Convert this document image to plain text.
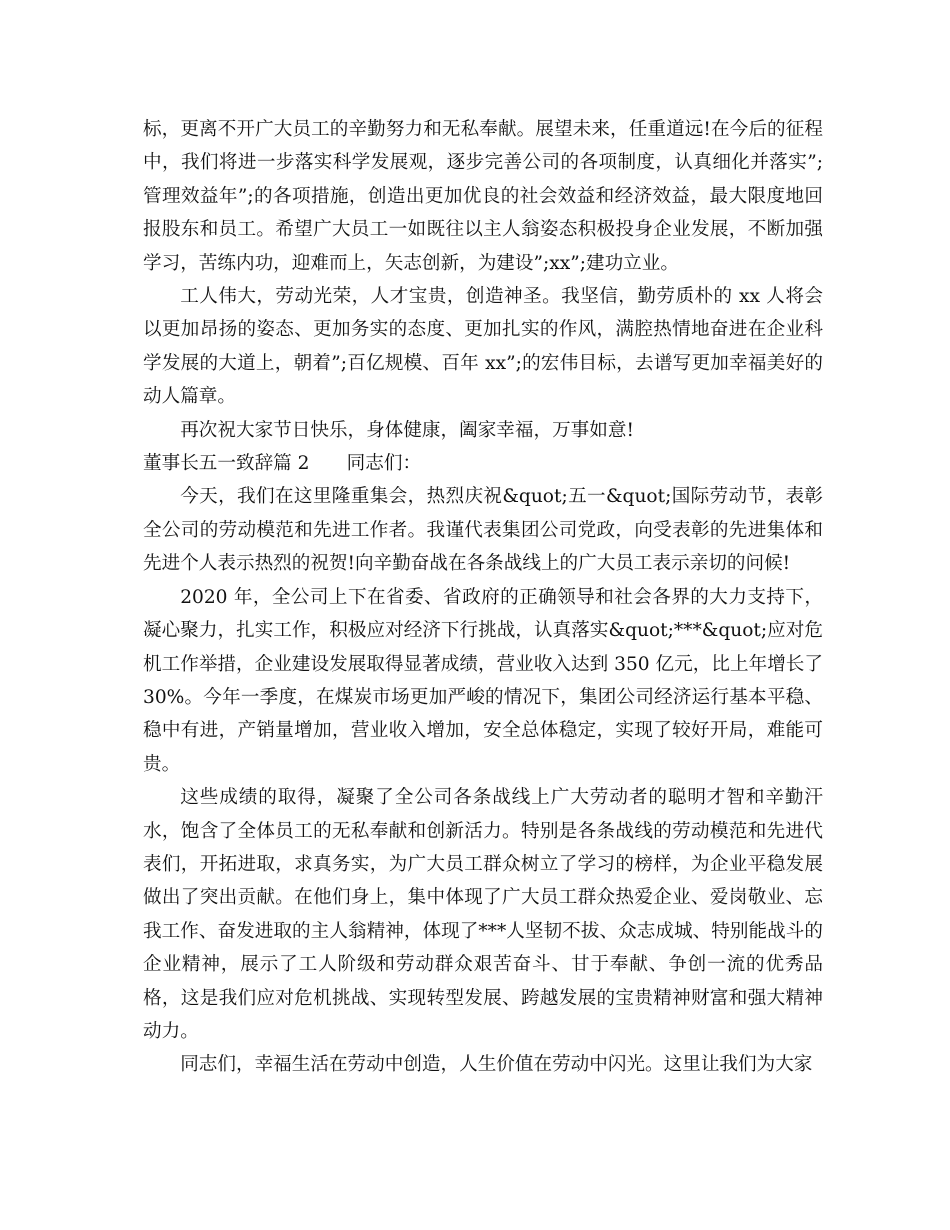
标，更离不开广大员工的辛勤努力和无私奉献。展望未来，任重道远!在今后的征程中，我们将进一步落实科学发展观，逐步完善公司的各项制度，认真细化并落实”;管理效益年”;的各项措施，创造出更加优良的社会效益和经济效益，最大限度地回报股东和员工。希望广大员工一如既往以主人翁姿态积极投身企业发展，不断加强学习，苦练内功，迎难而上，矢志创新，为建设”;xx”;建功立业。

工人伟大，劳动光荣，人才宝贵，创造神圣。我坚信，勤劳质朴的 xx 人将会以更加昂扬的姿态、更加务实的态度、更加扎实的作风，满腔热情地奋进在企业科学发展的大道上，朝着”;百亿规模、百年 xx”;的宏伟目标，去谱写更加幸福美好的动人篇章。

再次祝大家节日快乐，身体健康，阖家幸福，万事如意!

董事长五一致辞篇 2　　同志们：

今天，我们在这里隆重集会，热烈庆祝&quot;五一&quot;国际劳动节，表彰全公司的劳动模范和先进工作者。我谨代表集团公司党政，向受表彰的先进集体和先进个人表示热烈的祝贺!向辛勤奋战在各条战线上的广大员工表示亲切的问候!

2020 年，全公司上下在省委、省政府的正确领导和社会各界的大力支持下，凝心聚力，扎实工作，积极应对经济下行挑战，认真落实&quot;***&quot;应对危机工作举措，企业建设发展取得显著成绩，营业收入达到 350 亿元，比上年增长了 30%。今年一季度，在煤炭市场更加严峻的情况下，集团公司经济运行基本平稳、稳中有进，产销量增加，营业收入增加，安全总体稳定，实现了较好开局，难能可贵。

这些成绩的取得，凝聚了全公司各条战线上广大劳动者的聪明才智和辛勤汗水，饱含了全体员工的无私奉献和创新活力。特别是各条战线的劳动模范和先进代表们，开拓进取，求真务实，为广大员工群众树立了学习的榜样，为企业平稳发展做出了突出贡献。在他们身上，集中体现了广大员工群众热爱企业、爱岗敬业、忘我工作、奋发进取的主人翁精神，体现了***人坚韧不拔、众志成城、特别能战斗的企业精神，展示了工人阶级和劳动群众艰苦奋斗、甘于奉献、争创一流的优秀品格，这是我们应对危机挑战、实现转型发展、跨越发展的宝贵精神财富和强大精神动力。

同志们，幸福生活在劳动中创造，人生价值在劳动中闪光。这里让我们为大家
